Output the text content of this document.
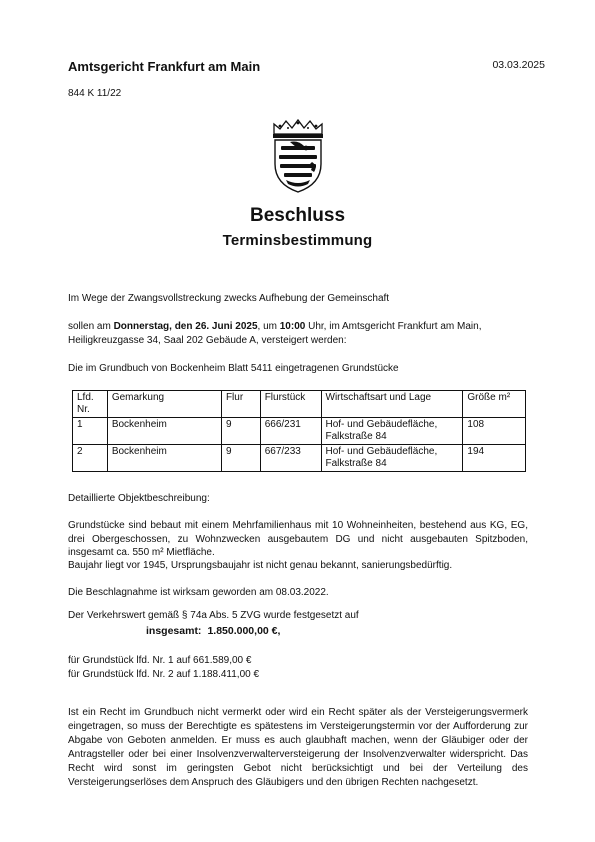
Amtsgericht Frankfurt am Main	03.03.2025
844 K 11/22
Beschluss
Terminsbestimmung
Im Wege der Zwangsvollstreckung zwecks Aufhebung der Gemeinschaft
sollen am Donnerstag, den 26. Juni 2025, um 10:00 Uhr, im Amtsgericht Frankfurt am Main,
Heiligkreuzgasse 34, Saal 202 Gebäude A, versteigert werden:
Die im Grundbuch von Bockenheim Blatt 5411 eingetragenen Grundstücke
Lfd. Nr.	Gemarkung	Flur	Flurstück	Wirtschaftsart und Lage	Größe m²
1	Bockenheim	9	666/231	Hof- und Gebäudefläche, Falkstraße 84	108
2	Bockenheim	9	667/233	Hof- und Gebäudefläche, Falkstraße 84	194
Detaillierte Objektbeschreibung:
Grundstücke sind bebaut mit einem Mehrfamilienhaus mit 10 Wohneinheiten, bestehend aus KG, EG, drei Obergeschossen, zu Wohnzwecken ausgebautem DG und nicht ausgebauten Spitzboden, insgesamt ca. 550 m² Mietfläche.
Baujahr liegt vor 1945, Ursprungsbaujahr ist nicht genau bekannt, sanierungsbedürftig.
Die Beschlagnahme ist wirksam geworden am 08.03.2022.
Der Verkehrswert gemäß § 74a Abs. 5 ZVG wurde festgesetzt auf
insgesamt: 1.850.000,00 €,
für Grundstück lfd. Nr. 1 auf 661.589,00 €
für Grundstück lfd. Nr. 2 auf 1.188.411,00 €
Ist ein Recht im Grundbuch nicht vermerkt oder wird ein Recht später als der Versteigerungsvermerk eingetragen, so muss der Berechtigte es spätestens im Versteigerungstermin vor der Aufforderung zur Abgabe von Geboten anmelden. Er muss es auch glaubhaft machen, wenn der Gläubiger oder der Antragsteller oder bei einer Insolvenzverwalterversteigerung der Insolvenzverwalter widerspricht. Das Recht wird sonst im geringsten Gebot nicht berücksichtigt und bei der Verteilung des Versteigerungserlöses dem Anspruch des Gläubigers und den übrigen Rechten nachgesetzt.
